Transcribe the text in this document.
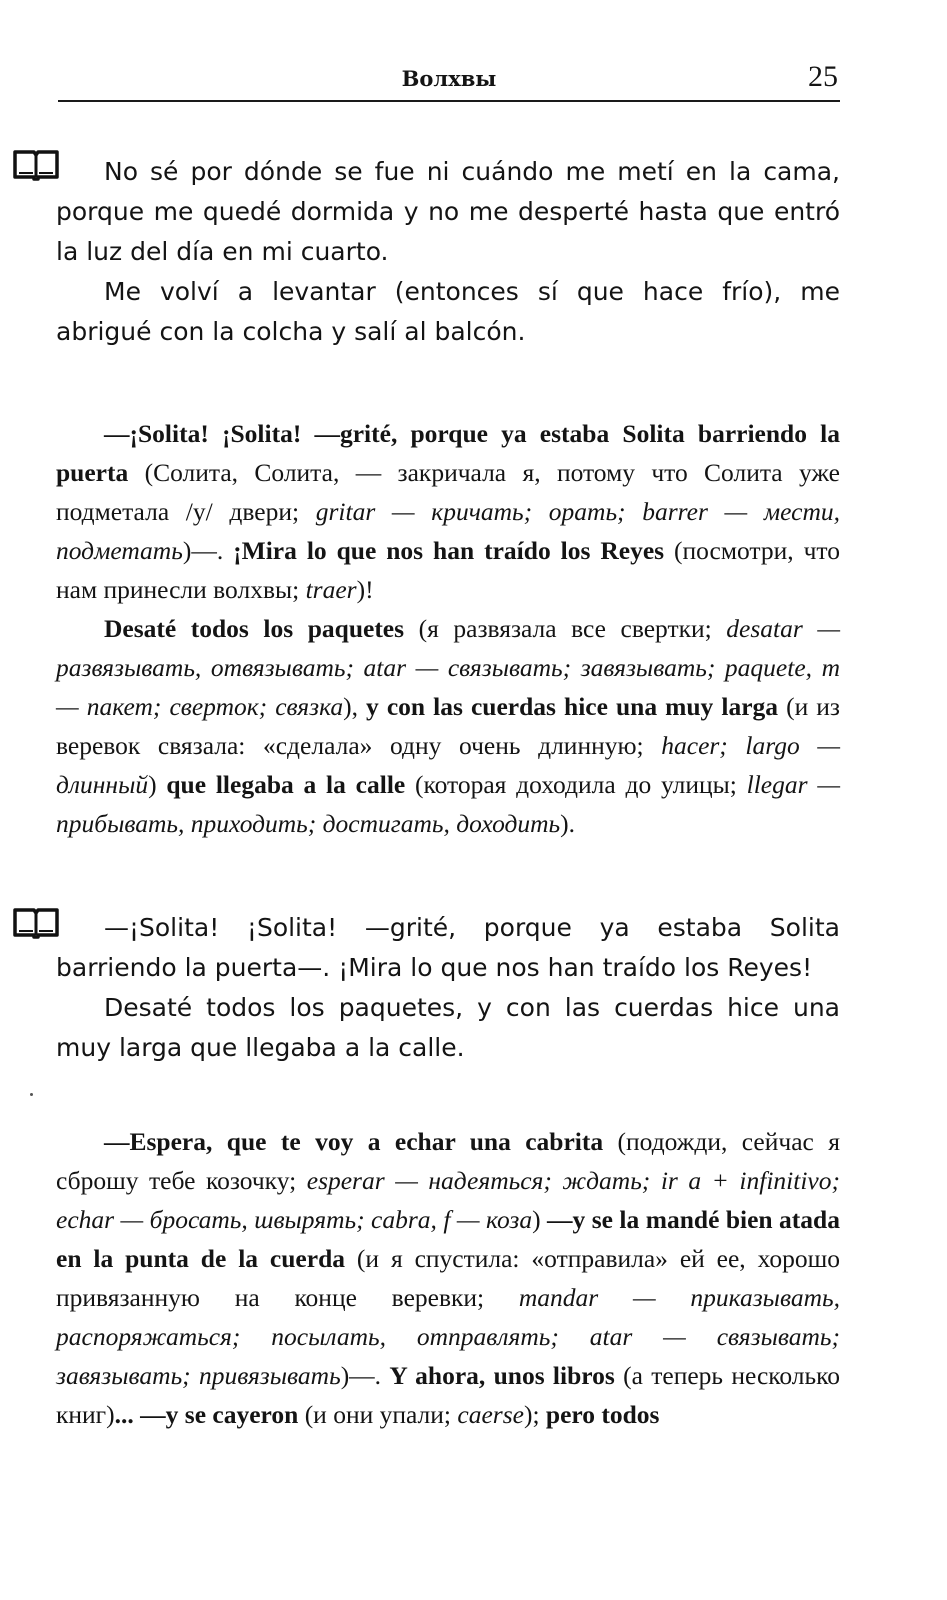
Волхвы	25

No sé por dónde se fue ni cuándo me metí en la cama, porque me quedé dormida y no me desperté hasta que entró la luz del día en mi cuarto.

Me volví a levantar (entonces sí que hace frío), me abrigué con la colcha y salí al balcón.

—¡Solita! ¡Solita! —grité, porque ya estaba Solita barriendo la puerta (Солита, Солита, — закричала я, потому что Солита уже подметала /у/ двери; gritar — кричать; орать; barrer — мести, подметать)—. ¡Mira lo que nos han traído los Reyes (посмотри, что нам принесли волхвы; traer)!

Desaté todos los paquetes (я развязала все свертки; desatar — развязывать, отвязывать; atar — связывать; завязывать; paquete, m — пакет; сверток; связка), y con las cuerdas hice una muy larga (и из веревок связала: «сделала» одну очень длинную; hacer; largo — длинный) que llegaba a la calle (которая доходила до улицы; llegar — прибывать, приходить; достигать, доходить).

—¡Solita! ¡Solita! —grité, porque ya estaba Solita barriendo la puerta—. ¡Mira lo que nos han traído los Reyes!

Desaté todos los paquetes, y con las cuerdas hice una muy larga que llegaba a la calle.

—Espera, que te voy a echar una cabrita (подожди, сейчас я сброшу тебе козочку; esperar — надеяться; ждать; ir a + infinitivo; echar — бросать, швырять; cabra, f — коза) —y se la mandé bien atada en la punta de la cuerda (и я спустила: «отправила» ей ее, хорошо привязанную на конце веревки; mandar — приказывать, распоряжаться; посылать, отправлять; atar — связывать; завязывать; привязывать)—. Y ahora, unos libros (а теперь несколько книг)... —y se cayeron (и они упали; caerse); pero todos
